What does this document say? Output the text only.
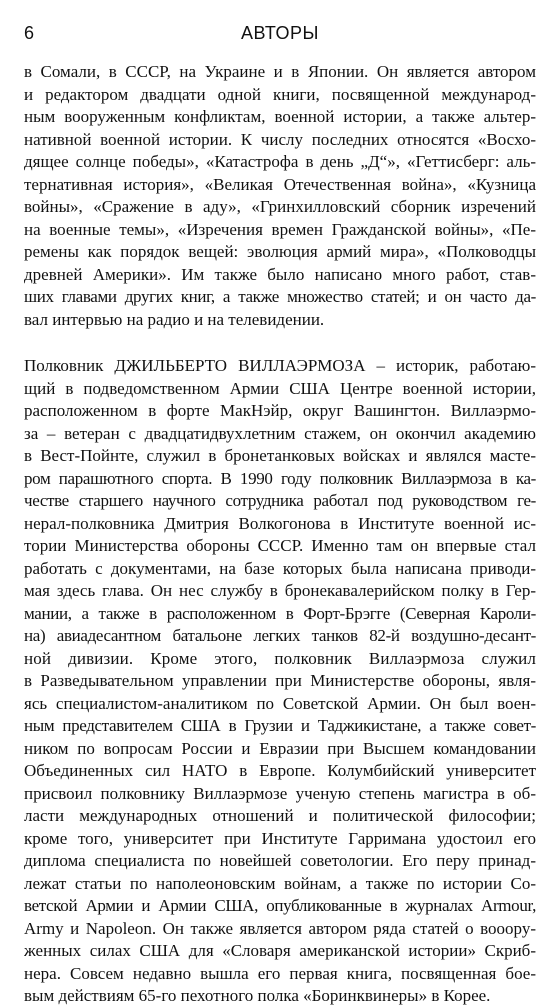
6	АВТОРЫ
в Сомали, в СССР, на Украине и в Японии. Он является автором
и редактором двадцати одной книги, посвященной международ-
ным вооруженным конфликтам, военной истории, а также альтер-
нативной военной истории. К числу последних относятся «Восхо-
дящее солнце победы», «Катастрофа в день „Д“», «Геттисберг: аль-
тернативная история», «Великая Отечественная война», «Кузница
войны», «Сражение в аду», «Гринхилловский сборник изречений
на военные темы», «Изречения времен Гражданской войны», «Пе-
ремены как порядок вещей: эволюция армий мира», «Полководцы
древней Америки». Им также было написано много работ, став-
ших главами других книг, а также множество статей; и он часто да-
вал интервью на радио и на телевидении.
Полковник ДЖИЛЬБЕРТО ВИЛЛАЭРМОЗА – историк, работаю-
щий в подведомственном Армии США Центре военной истории,
расположенном в форте МакНэйр, округ Вашингтон. Виллаэрмо-
за – ветеран с двадцатидвухлетним стажем, он окончил академию
в Вест-Пойнте, служил в бронетанковых войсках и являлся масте-
ром парашютного спорта. В 1990 году полковник Виллаэрмоза в ка-
честве старшего научного сотрудника работал под руководством ге-
нерал-полковника Дмитрия Волкогонова в Институте военной ис-
тории Министерства обороны СССР. Именно там он впервые стал
работать с документами, на базе которых была написана приводи-
мая здесь глава. Он нес службу в бронекавалерийском полку в Гер-
мании, а также в расположенном в Форт-Брэгге (Северная Кароли-
на) авиадесантном батальоне легких танков 82-й воздушно-десант-
ной дивизии. Кроме этого, полковник Виллаэрмоза служил
в Разведывательном управлении при Министерстве обороны, явля-
ясь специалистом-аналитиком по Советской Армии. Он был воен-
ным представителем США в Грузии и Таджикистане, а также совет-
ником по вопросам России и Евразии при Высшем командовании
Объединенных сил НАТО в Европе. Колумбийский университет
присвоил полковнику Виллаэрмозе ученую степень магистра в об-
ласти международных отношений и политической философии;
кроме того, университет при Институте Гарримана удостоил его
диплома специалиста по новейшей советологии. Его перу принад-
лежат статьи по наполеоновским войнам, а также по истории Со-
ветской Армии и Армии США, опубликованные в журналах Armour,
Army и Napoleon. Он также является автором ряда статей о вооору-
женных силах США для «Словаря американской истории» Скриб-
нера. Совсем недавно вышла его первая книга, посвященная бое-
вым действиям 65-го пехотного полка «Боринквинеры» в Корее.
